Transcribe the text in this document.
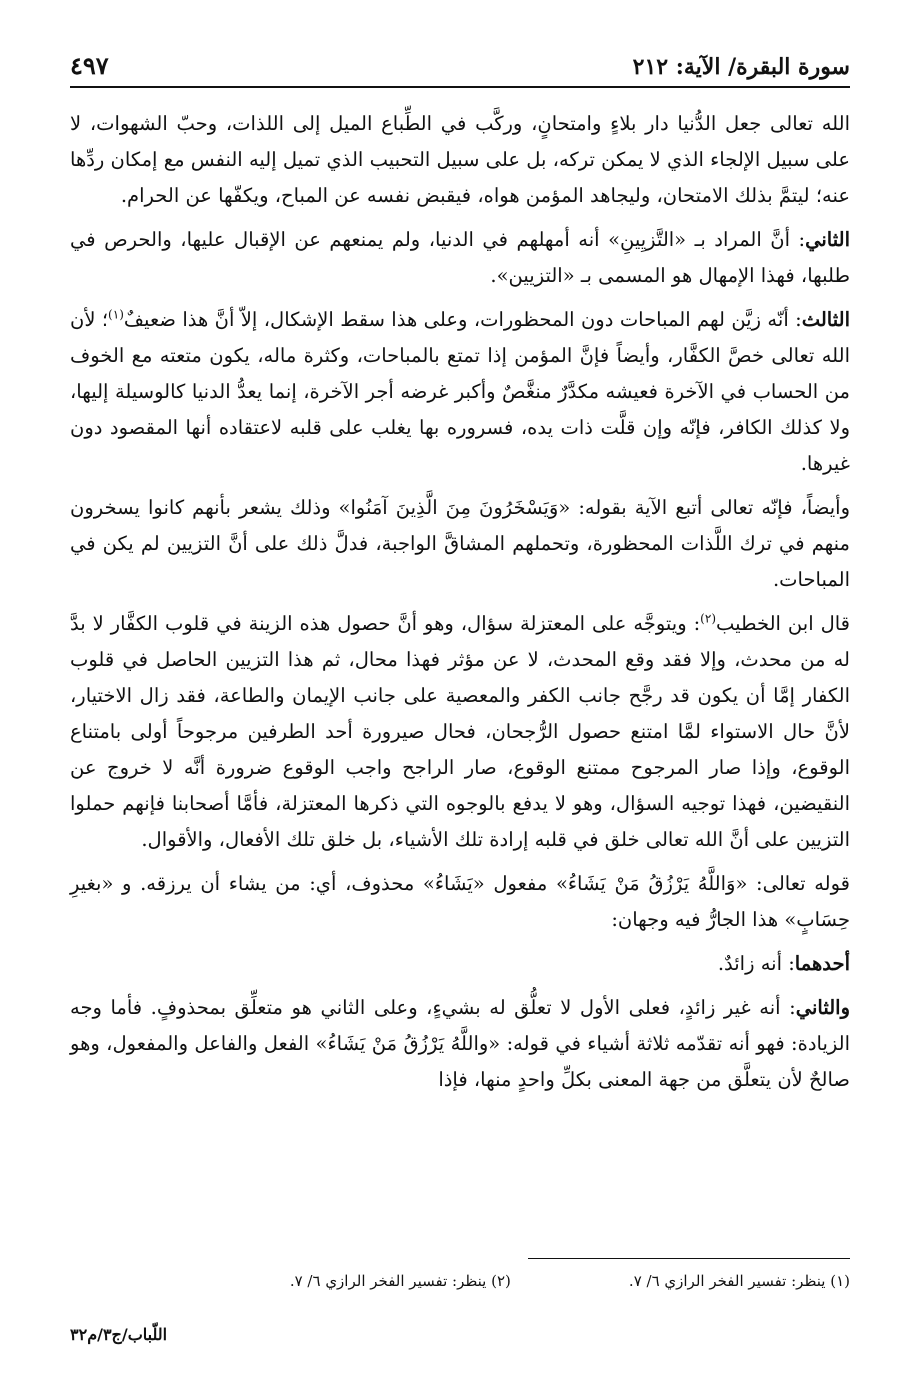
سورة البقرة/ الآية: ٢١٢
٤٩٧

الله تعالى جعل الدُّنيا دار بلاءٍ وامتحانٍ، وركَّب في الطِّباع الميل إلى اللذات، وحبّ الشهوات، لا على سبيل الإلجاء الذي لا يمكن تركه، بل على سبيل التحبيب الذي تميل إليه النفس مع إمكان ردِّها عنه؛ ليتمَّ بذلك الامتحان، وليجاهد المؤمن هواه، فيقبض نفسه عن المباح، ويكفّها عن الحرام.

الثاني: أنَّ المراد بـ «التَّزيِينِ» أنه أمهلهم في الدنيا، ولم يمنعهم عن الإقبال عليها، والحرص في طلبها، فهذا الإمهال هو المسمى بـ «التزيين».

الثالث: أنّه زيَّن لهم المباحات دون المحظورات، وعلى هذا سقط الإشكال، إلاّ أنَّ هذا ضعيفٌ$^{(١)}$؛ لأن الله تعالى خصَّ الكفَّار، وأيضاً فإنَّ المؤمن إذا تمتع بالمباحات، وكثرة ماله، يكون متعته مع الخوف من الحساب في الآخرة فعيشه مكدَّرٌ منغَّصٌ وأكبر غرضه أجر الآخرة، إنما يعدُّ الدنيا كالوسيلة إليها، ولا كذلك الكافر، فإنّه وإن قلَّت ذات يده، فسروره بها يغلب على قلبه لاعتقاده أنها المقصود دون غيرها.

وأيضاً، فإنّه تعالى أتبع الآية بقوله: «وَيَسْخَرُونَ مِنَ الَّذِينَ آمَنُوا» وذلك يشعر بأنهم كانوا يسخرون منهم في ترك اللَّذات المحظورة، وتحملهم المشاقَّ الواجبة، فدلَّ ذلك على أنَّ التزيين لم يكن في المباحات.

قال ابن الخطيب$^{(٢)}$: ويتوجَّه على المعتزلة سؤال، وهو أنَّ حصول هذه الزينة في قلوب الكفَّار لا بدَّ له من محدث، وإلا فقد وقع المحدث، لا عن مؤثر فهذا محال، ثم هذا التزيين الحاصل في قلوب الكفار إمَّا أن يكون قد رجَّح جانب الكفر والمعصية على جانب الإيمان والطاعة، فقد زال الاختيار، لأنَّ حال الاستواء لمَّا امتنع حصول الرُّجحان، فحال صيرورة أحد الطرفين مرجوحاً أولى بامتناع الوقوع، وإذا صار المرجوح ممتنع الوقوع، صار الراجح واجب الوقوع ضرورة أنَّه لا خروج عن النقيضين، فهذا توجيه السؤال، وهو لا يدفع بالوجوه التي ذكرها المعتزلة، فأمَّا أصحابنا فإنهم حملوا التزيين على أنَّ الله تعالى خلق في قلبه إرادة تلك الأشياء، بل خلق تلك الأفعال، والأقوال.

قوله تعالى: «وَاللَّهُ يَرْزُقُ مَنْ يَشَاءُ» مفعول «يَشَاءُ» محذوف، أي: من يشاء أن يرزقه. و «بغيرِ حِسَابٍ» هذا الجارُّ فيه وجهان:

أحدهما: أنه زائدٌ.

والثاني: أنه غير زائدٍ، فعلى الأول لا تعلُّق له بشيءٍ، وعلى الثاني هو متعلِّق بمحذوفٍ. فأما وجه الزيادة: فهو أنه تقدّمه ثلاثة أشياء في قوله: «واللَّهُ يَرْزُقُ مَنْ يَشَاءُ» الفعل والفاعل والمفعول، وهو صالحٌ لأن يتعلَّق من جهة المعنى بكلِّ واحدٍ منها، فإذا

(١) ينظر: تفسير الفخر الرازي ٦/ ٧.
(٢) ينظر: تفسير الفخر الرازي ٦/ ٧.
اللّباب/ج٣/م٣٢
